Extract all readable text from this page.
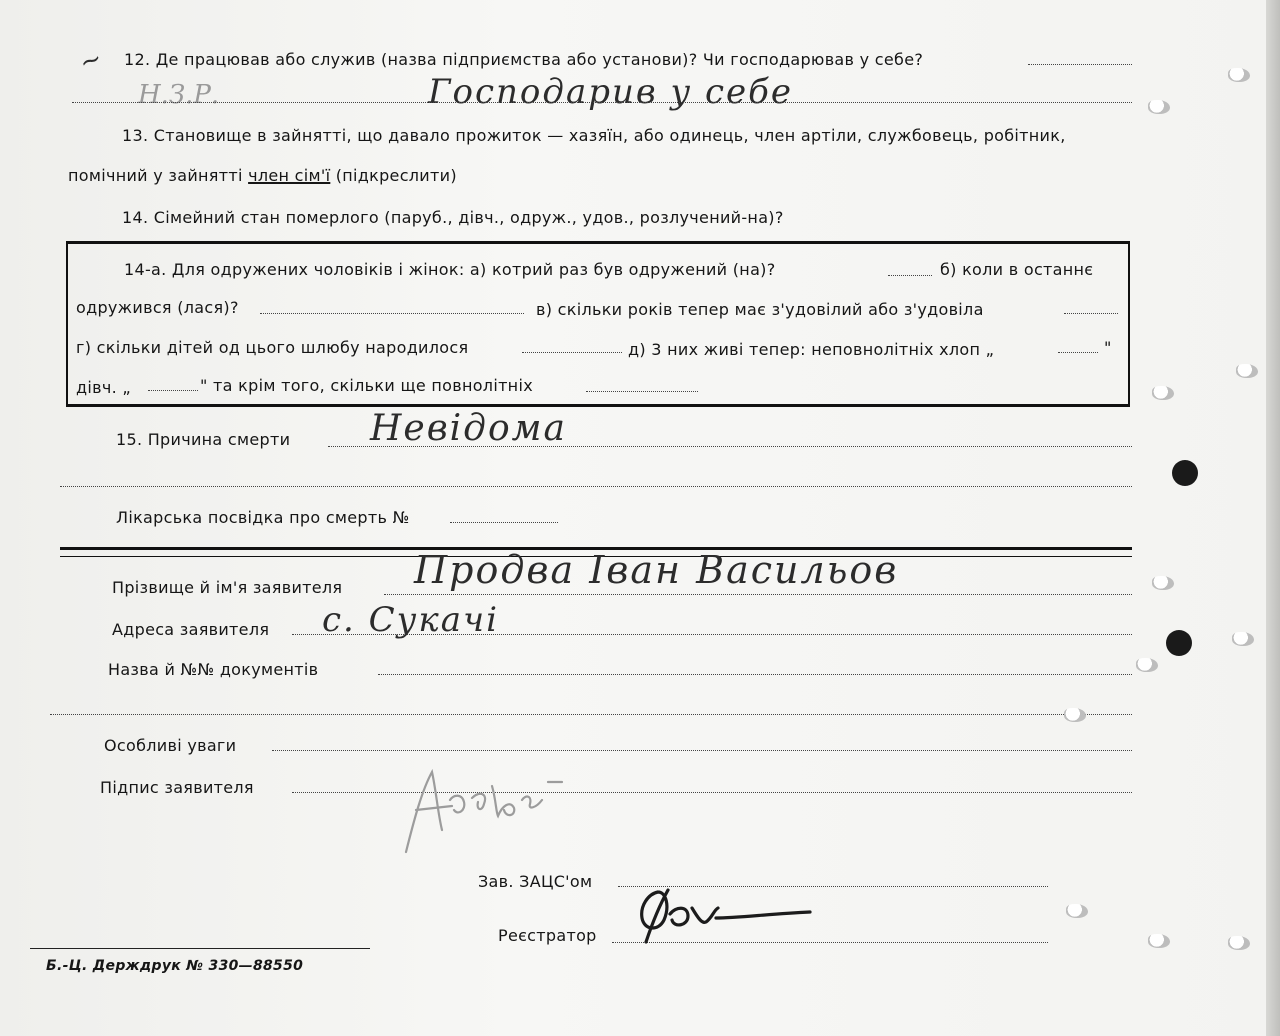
~ 12. Де працював або служив (назва підприємства або установи)? Чи господарював у себе?
Н.З.Р.	Господарив у себе
13. Становище в зайнятті, що давало прожиток — хазяїн, або одинець, член артіли, службовець, робітник,
помічний у зайнятті член сім'ї (підкреслити)
14. Сімейний стан померлого (паруб., дівч., одруж., удов., розлучений-на)?
14-а. Для одружених чоловіків і жінок: а) котрий раз був одружений (на)?	б) коли в останнє
одружився (лася)?	в) скільки років тепер має з'удовілий або з'удовіла
г) скільки дітей од цього шлюбу народилося	д) 3 них живі тепер: неповнолітніх хлоп „	"
дівч. „	" та крім того, скільки ще повнолітніх
15. Причина смерти Невідома
Лікарська посвідка про смерть №
Прізвище й ім'я заявителя Продва Іван Васильов
Адреса заявителя с. Сукачі
Назва й №№ документів
Особливі уваги
Підпис заявителя
Зав. ЗАЦС'ом
Реєстратор
Б.-Ц. Держдрук № 330—88550
